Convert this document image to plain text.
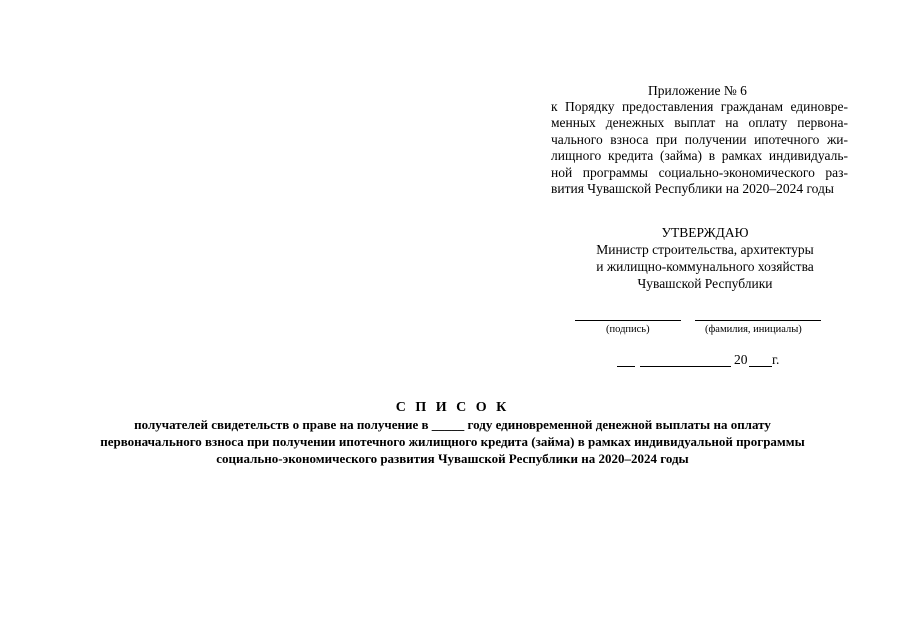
Приложение № 6
к Порядку предоставления гражданам единовре-
менных денежных выплат на оплату первона-
чального взноса при получении ипотечного жи-
лищного кредита (займа) в рамках индивидуаль-
ной программы социально-экономического раз-
вития Чувашской Республики на 2020–2024 годы
УТВЕРЖДАЮ
Министр строительства, архитектуры
и жилищно-коммунального хозяйства
Чувашской Республики
(подпись)	(фамилия, инициалы)
20 г.
С П И С О К
получателей свидетельств о праве на получение в _____ году единовременной денежной выплаты на оплату
первоначального взноса при получении ипотечного жилищного кредита (займа) в рамках индивидуальной программы
социально-экономического развития Чувашской Республики на 2020–2024 годы
